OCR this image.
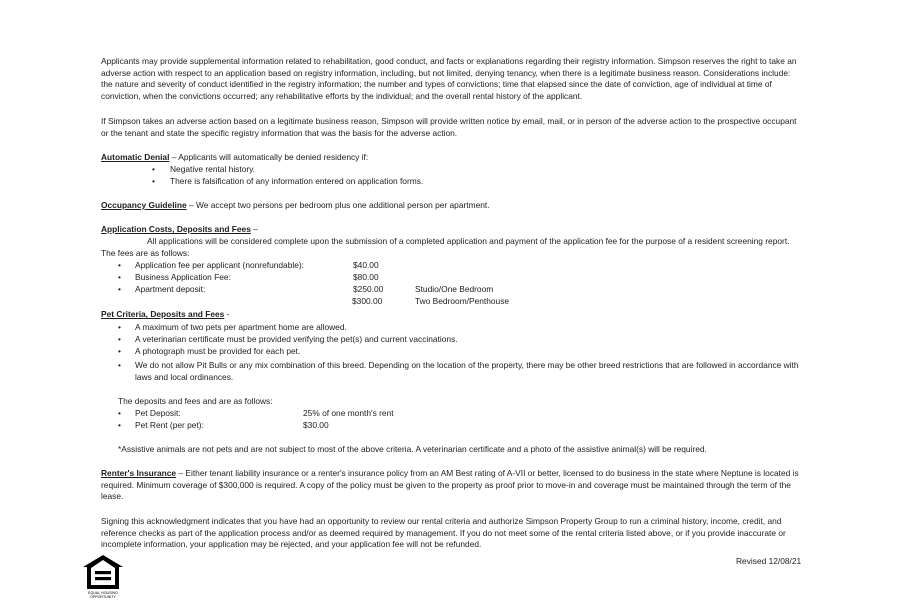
Applicants may provide supplemental information related to rehabilitation, good conduct, and facts or explanations regarding their registry information. Simpson reserves the right to take an adverse action with respect to an application based on registry information, including, but not limited, denying tenancy, when there is a legitimate business reason. Considerations include: the nature and severity of conduct identified in the registry information; the number and types of convictions; time that elapsed since the date of conviction, age of individual at time of conviction, when the convictions occurred; any rehabilitative efforts by the individual; and the overall rental history of the applicant.

If Simpson takes an adverse action based on a legitimate business reason, Simpson will provide written notice by email, mail, or in person of the adverse action to the prospective occupant or the tenant and state the specific registry information that was the basis for the adverse action.

Automatic Denial – Applicants will automatically be denied residency if:

• Negative rental history.
• There is falsification of any information entered on application forms.

Occupancy Guideline – We accept two persons per bedroom plus one additional person per apartment.

Application Costs, Deposits and Fees –

All applications will be considered complete upon the submission of a completed application and payment of the application fee for the purpose of a resident screening report. The fees are as follows:

• Application fee per applicant (nonrefundable):	$40.00
• Business Application Fee:	$80.00
• Apartment deposit:	$250.00	Studio/One Bedroom
$300.00	Two Bedroom/Penthouse

Pet Criteria, Deposits and Fees -

• A maximum of two pets per apartment home are allowed.
• A veterinarian certificate must be provided verifying the pet(s) and current vaccinations.
• A photograph must be provided for each pet.
• We do not allow Pit Bulls or any mix combination of this breed. Depending on the location of the property, there may be other breed restrictions that are followed in accordance with laws and local ordinances.

The deposits and fees and are as follows:
• Pet Deposit:	25% of one month's rent
• Pet Rent (per pet):	$30.00

*Assistive animals are not pets and are not subject to most of the above criteria. A veterinarian certificate and a photo of the assistive animal(s) will be required.

Renter's Insurance – Either tenant liability insurance or a renter's insurance policy from an AM Best rating of A-VII or better, licensed to do business in the state where Neptune is located is required. Minimum coverage of $300,000 is required. A copy of the policy must be given to the property as proof prior to move-in and coverage must be maintained through the term of the lease.

Signing this acknowledgment indicates that you have had an opportunity to review our rental criteria and authorize Simpson Property Group to run a criminal history, income, credit, and reference checks as part of the application process and/or as deemed required by management. If you do not meet some of the rental criteria listed above, or if you provide inaccurate or incomplete information, your application may be rejected, and your application fee will not be refunded.

Revised 12/08/21
EQUAL HOUSING
OPPORTUNITY
